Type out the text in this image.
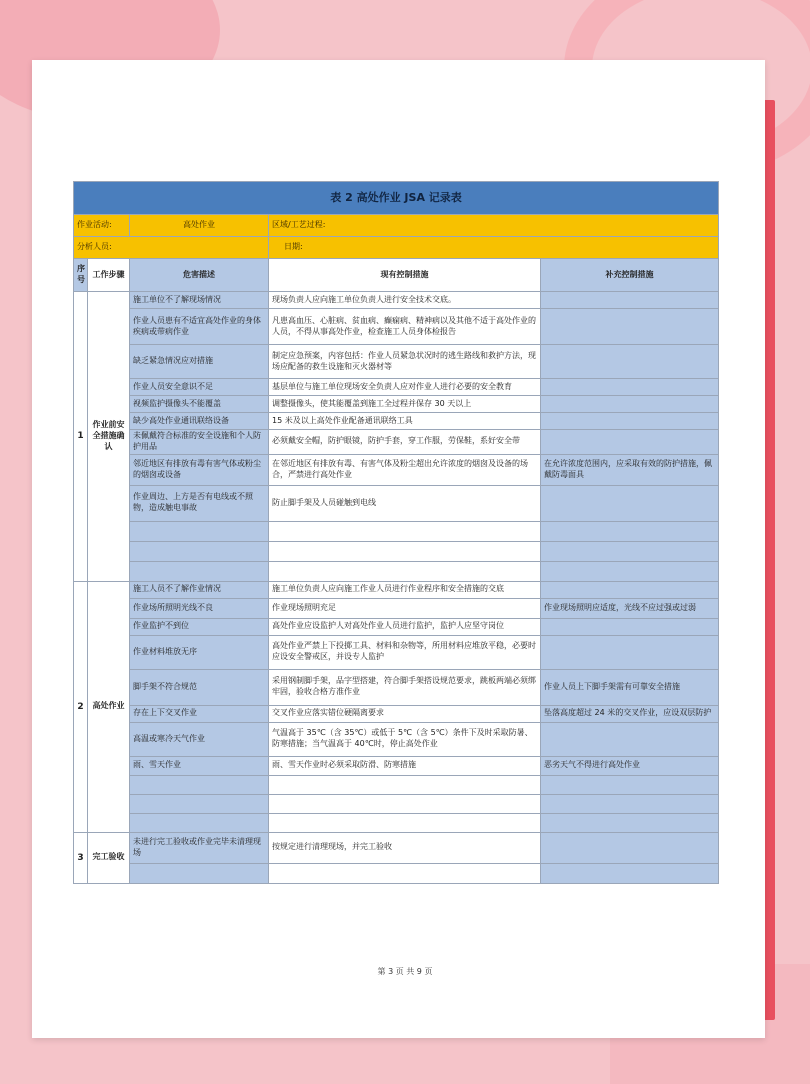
表 2 高处作业 JSA 记录表				
作业活动:		高处作业	区域/工艺过程:	
分析人员:			日期:	
序号	工作步骤	危害描述	现有控制措施	补充控制措施
1	作业前安全措施确认	施工单位不了解现场情况	现场负责人应向施工单位负责人进行安全技术交底。	
		作业人员患有不适宜高处作业的身体疾病或带病作业	凡患高血压、心脏病、贫血病、癫痫病、精神病以及其他不适于高处作业的人员，不得从事高处作业，检查施工人员身体检报告	
		缺乏紧急情况应对措施	制定应急预案，内容包括：作业人员紧急状况时的逃生路线和救护方法，现场应配备的救生设施和灭火器材等	
		作业人员安全意识不足	基层单位与施工单位现场安全负责人应对作业人进行必要的安全教育	
		视频监护摄像头不能覆盖	调整摄像头，使其能覆盖到施工全过程并保存 30 天以上	
		缺少高处作业通讯联络设备	15 米及以上高处作业配备通讯联络工具	
		未佩戴符合标准的安全设施和个人防护用品	必须戴安全帽，防护眼镜，防护手套，穿工作服，劳保鞋，系好安全带	
		邻近地区有排放有毒有害气体或粉尘的烟囱或设备	在邻近地区有排放有毒、有害气体及粉尘超出允许浓度的烟囱及设备的场合，严禁进行高处作业	在允许浓度范围内，应采取有效的防护措施，佩戴防毒面具
		作业周边、上方是否有电线或不照物，造成触电事故	防止脚手架及人员碰触到电线	

2	高处作业	施工人员不了解作业情况	施工单位负责人应向施工作业人员进行作业程序和安全措施的交底	
		作业场所照明光线不良	作业现场照明充足	作业现场照明应适度，光线不应过强或过弱
		作业监护不到位	高处作业应设监护人对高处作业人员进行监护，监护人应坚守岗位	
		作业材料堆放无序	高处作业严禁上下投掷工具、材料和杂物等，所用材料应堆放平稳，必要时应设安全警戒区，并设专人监护	
		脚手架不符合规范	采用钢制脚手架，品字型搭建，符合脚手架搭设规范要求，跳板两端必须绑牢固，验收合格方准作业	作业人员上下脚手架需有可靠安全措施
		存在上下交叉作业	交叉作业应落实错位硬隔离要求	坠落高度超过 24 米的交叉作业，应设双层防护
		高温或寒冷天气作业	气温高于 35℃（含 35℃）或低于 5℃（含 5℃）条件下及时采取防暑、防寒措施；当气温高于 40℃时，停止高处作业	
		雨、雪天作业	雨、雪天作业时必须采取防滑、防寒措施	恶劣天气不得进行高处作业

3	完工验收	未进行完工验收或作业完毕未清理现场	按规定进行清理现场，并完工验收	

第 3 页 共 9 页
